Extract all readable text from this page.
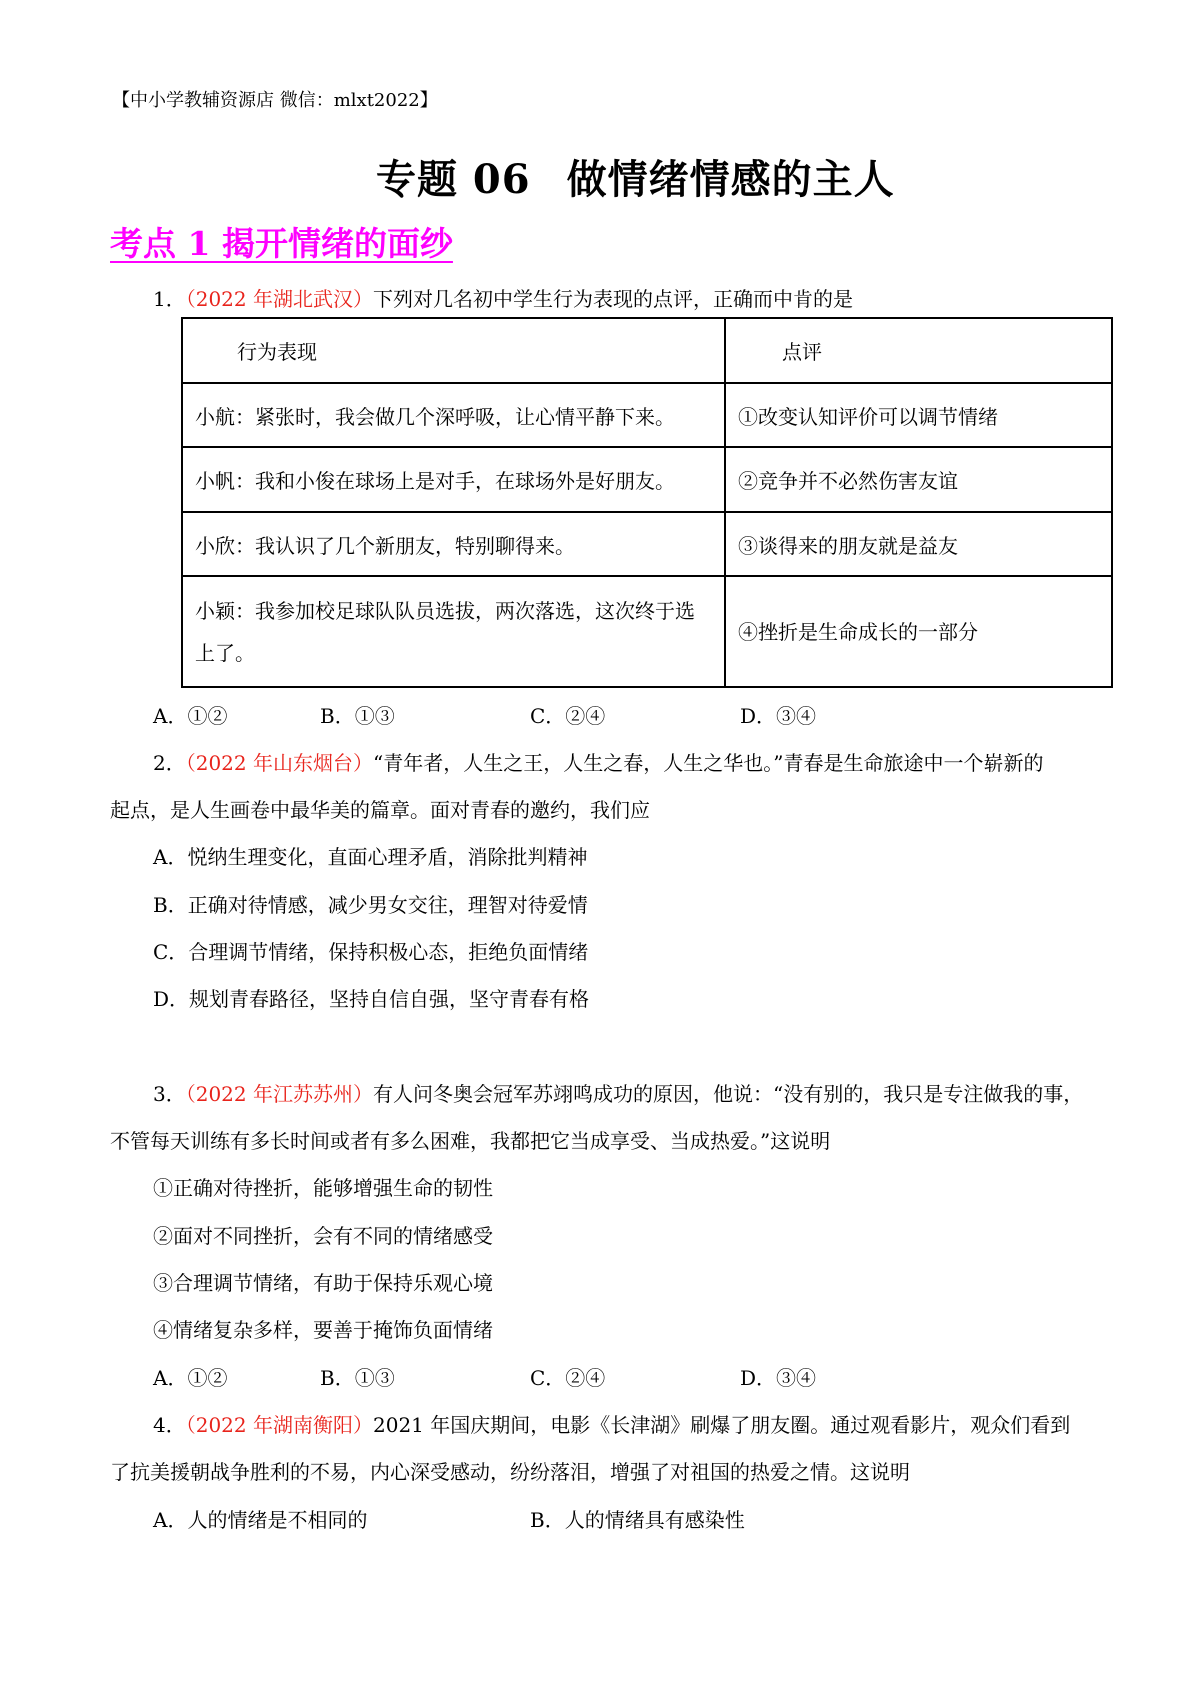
【中小学教辅资源店 微信：mlxt2022】
专题 06 做情绪情感的主人
考点 1 揭开情绪的面纱
1．（2022 年湖北武汉）下列对几名初中学生行为表现的点评，正确而中肯的是
行为表现	点评
小航：紧张时，我会做几个深呼吸，让心情平静下来。	①改变认知评价可以调节情绪
小帆：我和小俊在球场上是对手，在球场外是好朋友。	②竞争并不必然伤害友谊
小欣：我认识了几个新朋友，特别聊得来。	③谈得来的朋友就是益友
小颖：我参加校足球队队员选拔，两次落选，这次终于选上了。	④挫折是生命成长的一部分
A．①②	B．①③	C．②④	D．③④
2．（2022 年山东烟台）“青年者，人生之王，人生之春，人生之华也。”青春是生命旅途中一个崭新的
起点，是人生画卷中最华美的篇章。面对青春的邀约，我们应
A．悦纳生理变化，直面心理矛盾，消除批判精神
B．正确对待情感，减少男女交往，理智对待爱情
C．合理调节情绪，保持积极心态，拒绝负面情绪
D．规划青春路径，坚持自信自强，坚守青春有格
3．（2022 年江苏苏州）有人问冬奥会冠军苏翊鸣成功的原因，他说：“没有别的，我只是专注做我的事，
不管每天训练有多长时间或者有多么困难，我都把它当成享受、当成热爱。”这说明
①正确对待挫折，能够增强生命的韧性
②面对不同挫折，会有不同的情绪感受
③合理调节情绪，有助于保持乐观心境
④情绪复杂多样，要善于掩饰负面情绪
A．①②	B．①③	C．②④	D．③④
4．（2022 年湖南衡阳）2021 年国庆期间，电影《长津湖》刷爆了朋友圈。通过观看影片，观众们看到
了抗美援朝战争胜利的不易，内心深受感动，纷纷落泪，增强了对祖国的热爱之情。这说明
A．人的情绪是不相同的	B．人的情绪具有感染性
